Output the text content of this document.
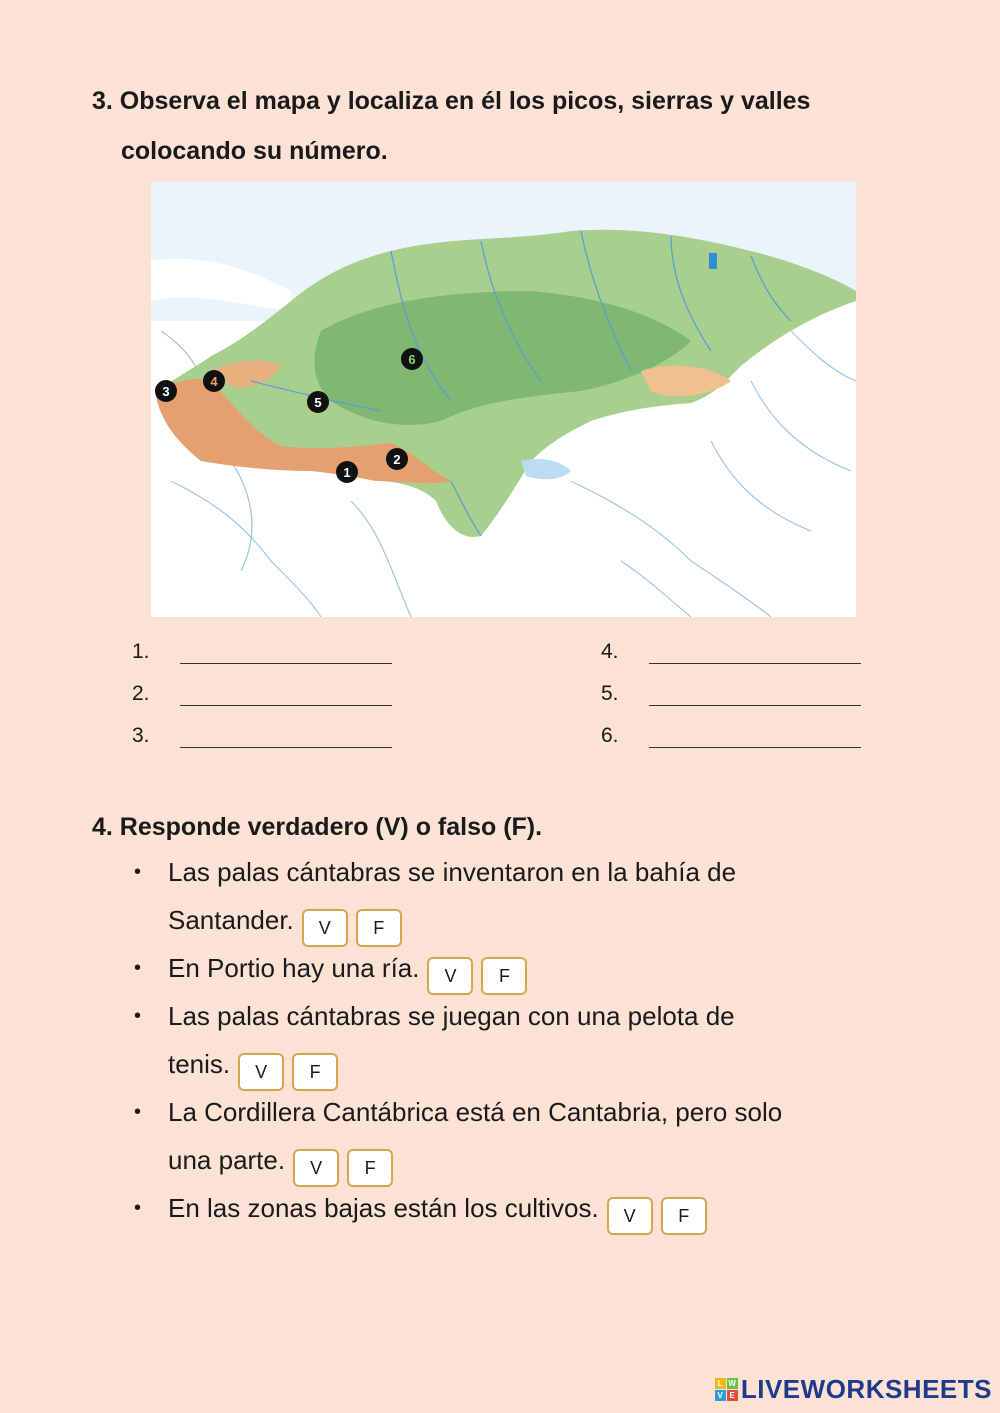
3. Observa el mapa y localiza en él los picos, sierras y valles
colocando su número.
1
2
3
4
5
6
1.
2.
3.
4.
5.
6.
4. Responde verdadero (V) o falso (F).
• Las palas cántabras se inventaron en la bahía de
Santander. V F
• En Portio hay una ría. V F
• Las palas cántabras se juegan con una pelota de
tenis. V F
• La Cordillera Cantábrica está en Cantabria, pero solo
una parte. V F
• En las zonas bajas están los cultivos. V F
L W
V E LIVEWORKSHEETS
